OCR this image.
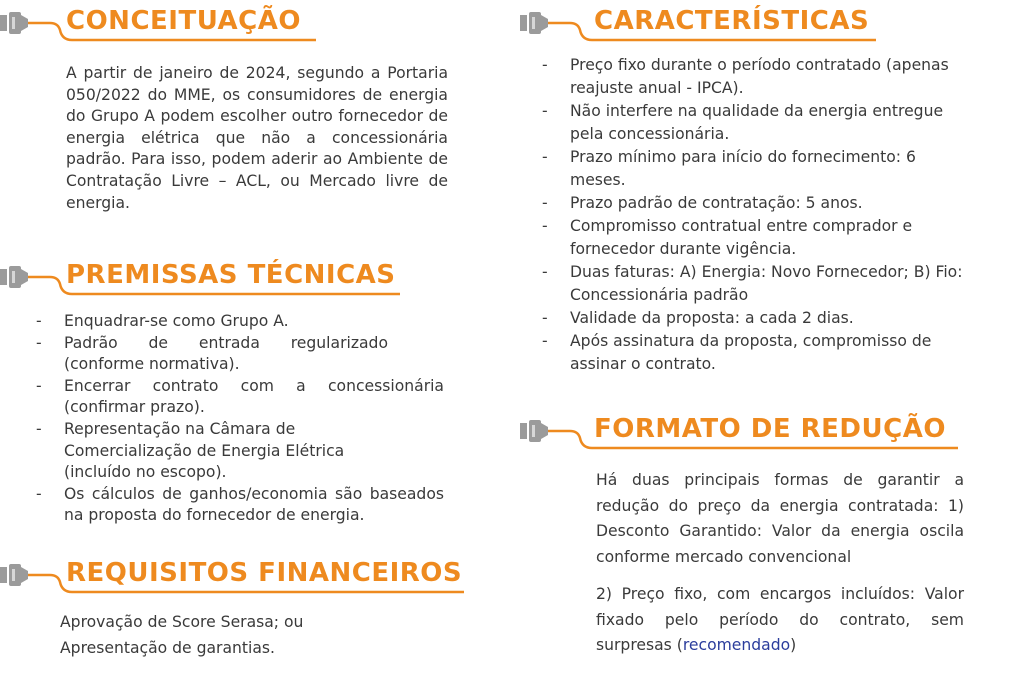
CONCEITUAÇÃO
A partir de janeiro de 2024, segundo a Portaria 050/2022 do MME, os consumidores de energia do Grupo A podem escolher outro fornecedor de energia elétrica que não a concessionária padrão. Para isso, podem aderir ao Ambiente de Contratação Livre – ACL, ou Mercado livre de energia.
PREMISSAS TÉCNICAS
- Enquadrar-se como Grupo A.
- Padrão de entrada regularizado (conforme normativa).
- Encerrar contrato com a concessionária (confirmar prazo).
- Representação na Câmara de Comercialização de Energia Elétrica (incluído no escopo).
- Os cálculos de ganhos/economia são baseados na proposta do fornecedor de energia.
REQUISITOS FINANCEIROS

Aprovação de Score Serasa; ou

Apresentação de garantias.

CARACTERÍSTICAS
- Preço fixo durante o período contratado (apenas reajuste anual - IPCA).
- Não interfere na qualidade da energia entregue pela concessionária.
- Prazo mínimo para início do fornecimento: 6 meses.
- Prazo padrão de contratação: 5 anos.
- Compromisso contratual entre comprador e fornecedor durante vigência.
- Duas faturas: A) Energia: Novo Fornecedor; B) Fio: Concessionária padrão
- Validade da proposta: a cada 2 dias.
- Após assinatura da proposta, compromisso de assinar o contrato.
FORMATO DE REDUÇÃO

Há duas principais formas de garantir a redução do preço da energia contratada: 1) Desconto Garantido: Valor da energia oscila conforme mercado convencional

2) Preço fixo, com encargos incluídos: Valor fixado pelo período do contrato, sem surpresas (recomendado)
